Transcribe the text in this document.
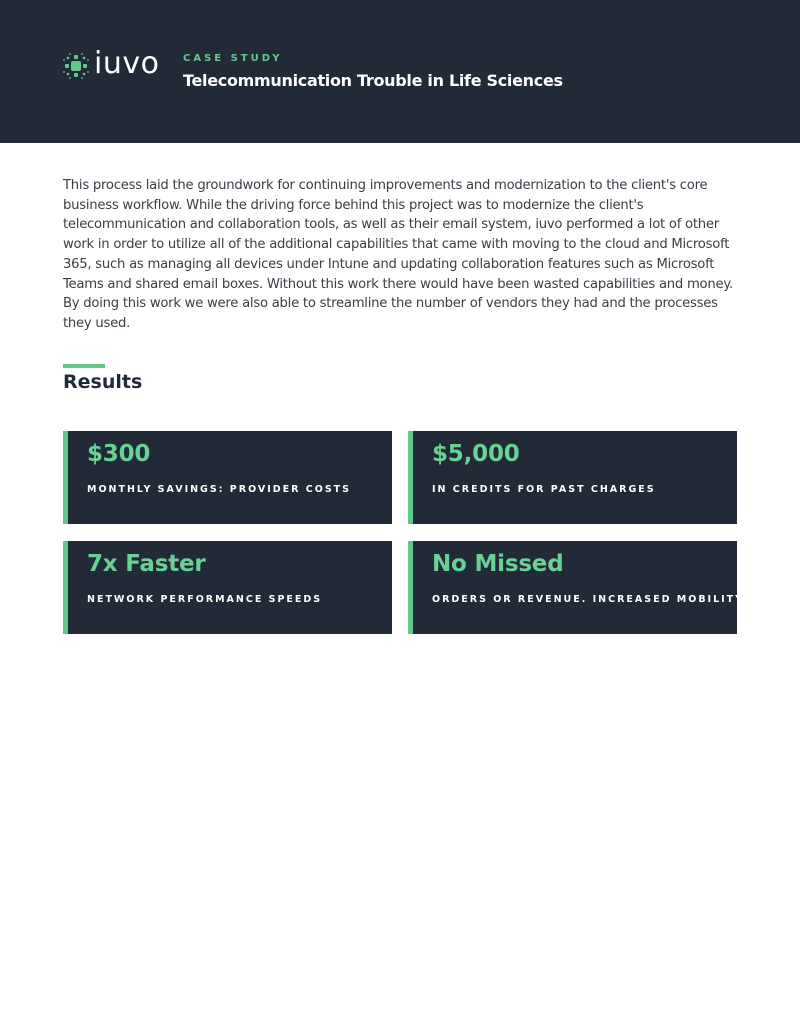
iuvo CASE STUDY
Telecommunication Trouble in Life Sciences

This process laid the groundwork for continuing improvements and modernization to the client's core business workflow. While the driving force behind this project was to modernize the client's telecommunication and collaboration tools, as well as their email system, iuvo performed a lot of other work in order to utilize all of the additional capabilities that came with moving to the cloud and Microsoft 365, such as managing all devices under Intune and updating collaboration features such as Microsoft Teams and shared email boxes. Without this work there would have been wasted capabilities and money. By doing this work we were also able to streamline the number of vendors they had and the processes they used.

Results
$300
MONTHLY SAVINGS: PROVIDER COSTS
$5,000
IN CREDITS FOR PAST CHARGES
7x Faster
NETWORK PERFORMANCE SPEEDS
No Missed
ORDERS OR REVENUE. INCREASED MOBILITY
